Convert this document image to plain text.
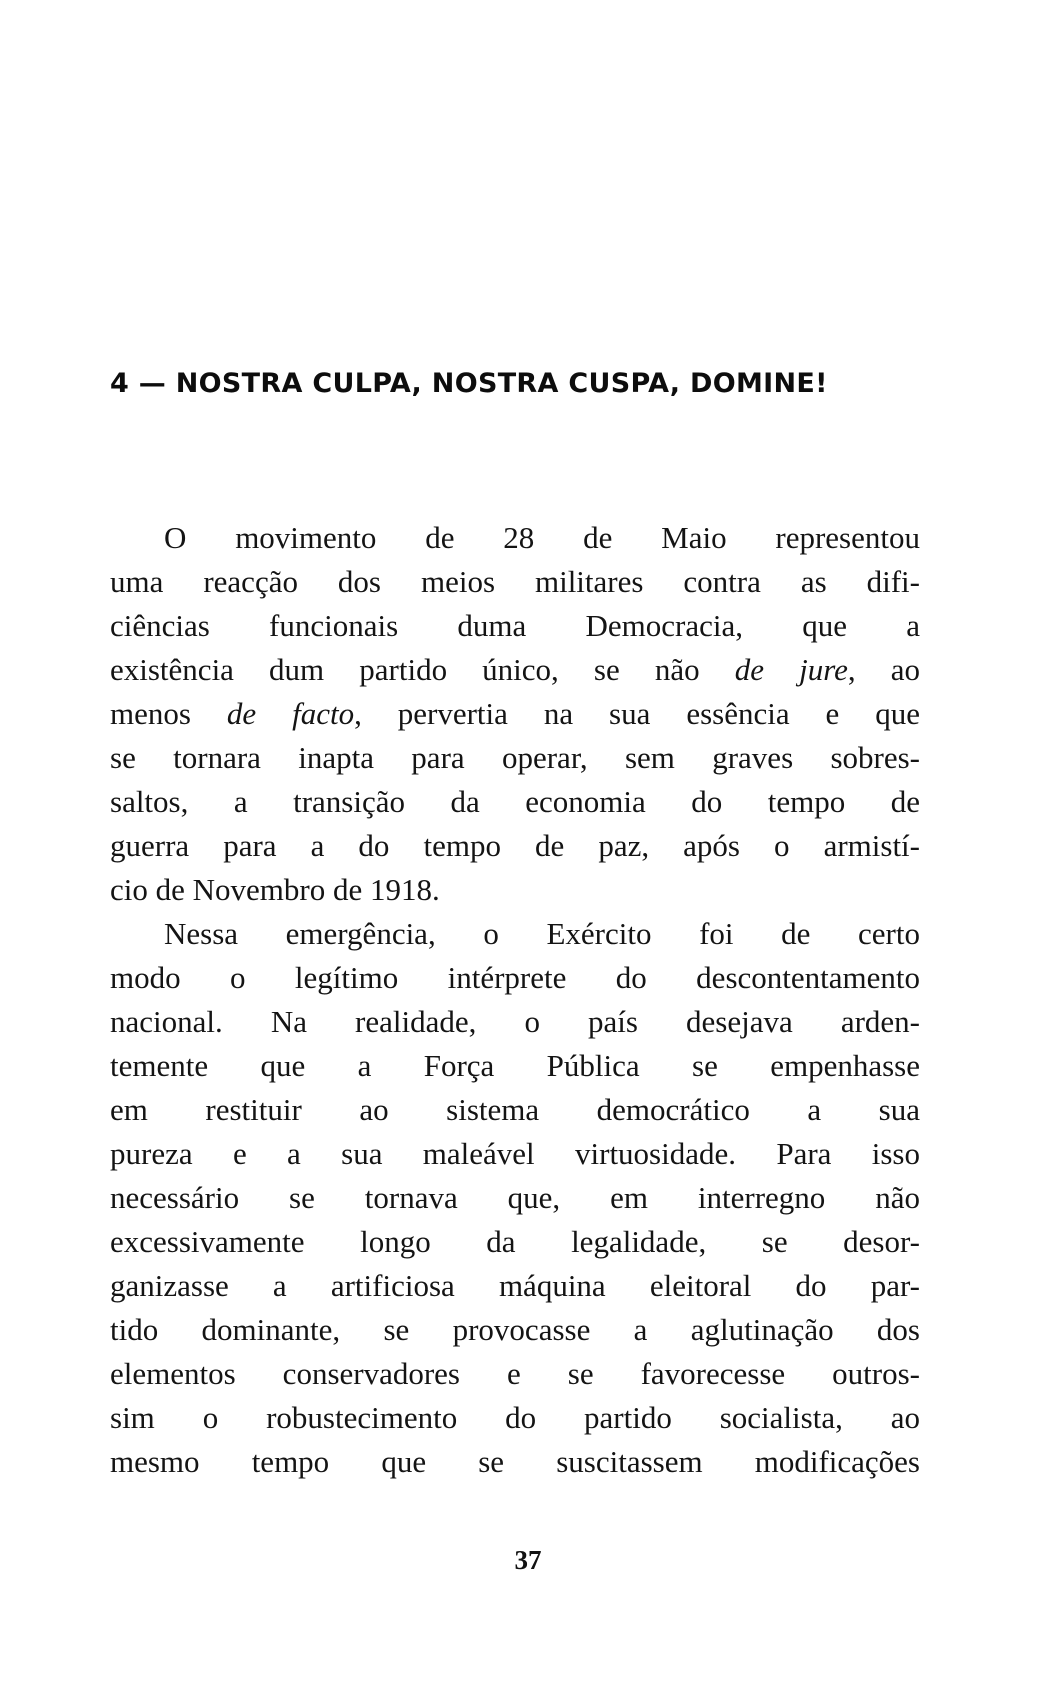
4 — NOSTRA CULPA, NOSTRA CUSPA, DOMINE!
O movimento de 28 de Maio representou
uma reacção dos meios militares contra as difi-
ciências funcionais duma Democracia, que a
existência dum partido único, se não de jure, ao
menos de facto, pervertia na sua essência e que
se tornara inapta para operar, sem graves sobres-
saltos, a transição da economia do tempo de
guerra para a do tempo de paz, após o armistí-
cio de Novembro de 1918.
Nessa emergência, o Exército foi de certo
modo o legítimo intérprete do descontentamento
nacional. Na realidade, o país desejava arden-
temente que a Força Pública se empenhasse
em restituir ao sistema democrático a sua
pureza e a sua maleável virtuosidade. Para isso
necessário se tornava que, em interregno não
excessivamente longo da legalidade, se desor-
ganizasse a artificiosa máquina eleitoral do par-
tido dominante, se provocasse a aglutinação dos
elementos conservadores e se favorecesse outros-
sim o robustecimento do partido socialista, ao
mesmo tempo que se suscitassem modificações
37
